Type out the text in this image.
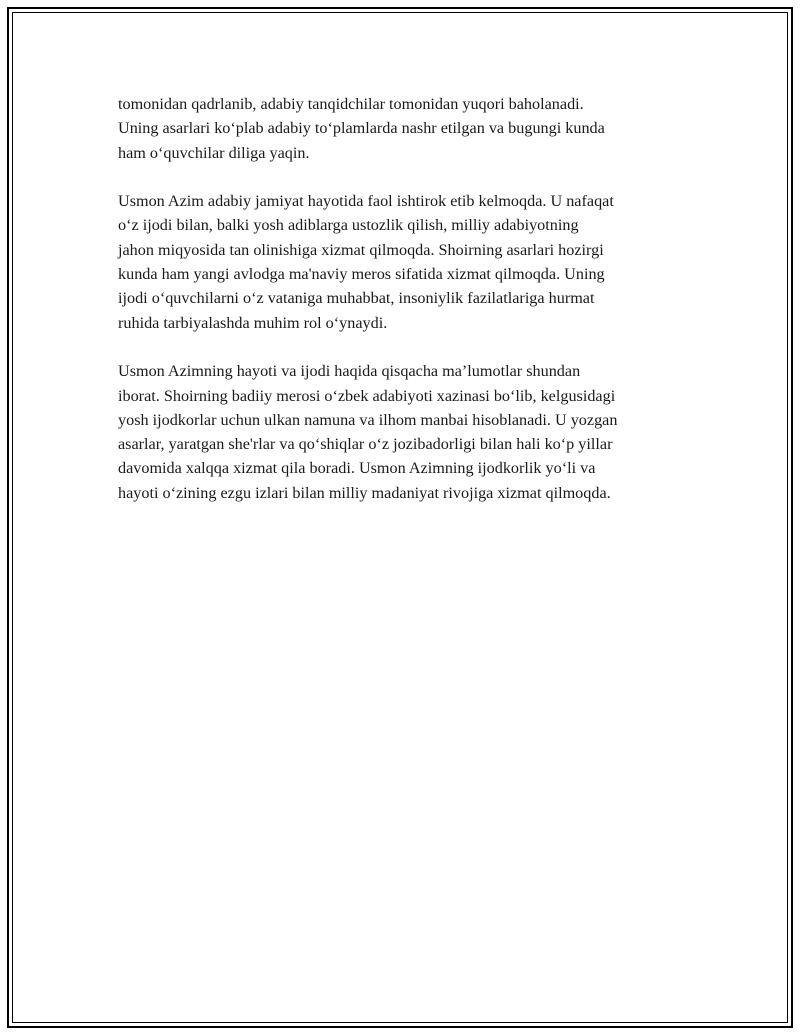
tomonidan qadrlanib, adabiy tanqidchilar tomonidan yuqori baholanadi.
Uning asarlari ko‘plab adabiy to‘plamlarda nashr etilgan va bugungi kunda
ham o‘quvchilar diliga yaqin.

Usmon Azim adabiy jamiyat hayotida faol ishtirok etib kelmoqda. U nafaqat
o‘z ijodi bilan, balki yosh adiblarga ustozlik qilish, milliy adabiyotning
jahon miqyosida tan olinishiga xizmat qilmoqda. Shoirning asarlari hozirgi
kunda ham yangi avlodga ma'naviy meros sifatida xizmat qilmoqda. Uning
ijodi o‘quvchilarni o‘z vataniga muhabbat, insoniylik fazilatlariga hurmat
ruhida tarbiyalashda muhim rol o‘ynaydi.

Usmon Azimning hayoti va ijodi haqida qisqacha ma’lumotlar shundan
iborat. Shoirning badiiy merosi o‘zbek adabiyoti xazinasi bo‘lib, kelgusidagi
yosh ijodkorlar uchun ulkan namuna va ilhom manbai hisoblanadi. U yozgan
asarlar, yaratgan she'rlar va qo‘shiqlar o‘z jozibadorligi bilan hali ko‘p yillar
davomida xalqqa xizmat qila boradi. Usmon Azimning ijodkorlik yo‘li va
hayoti o‘zining ezgu izlari bilan milliy madaniyat rivojiga xizmat qilmoqda.
